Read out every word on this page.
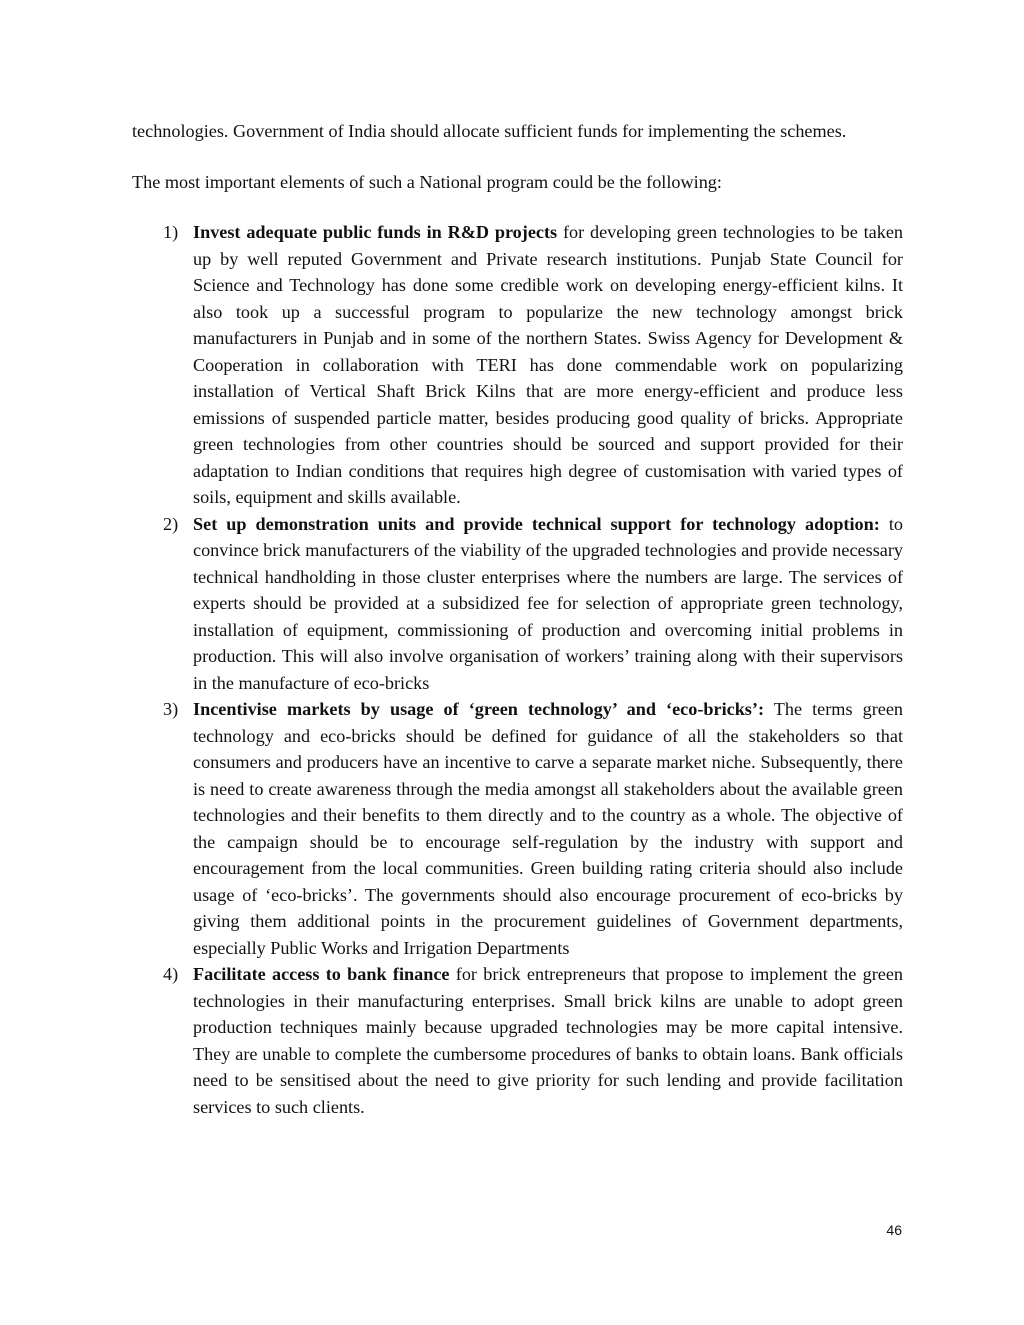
technologies. Government of India should allocate sufficient funds for implementing the schemes.

The most important elements of such a National program could be the following:

1) Invest adequate public funds in R&D projects for developing green technologies to be taken up by well reputed Government and Private research institutions. Punjab State Council for Science and Technology has done some credible work on developing energy-efficient kilns. It also took up a successful program to popularize the new technology amongst brick manufacturers in Punjab and in some of the northern States. Swiss Agency for Development & Cooperation in collaboration with TERI has done commendable work on popularizing installation of Vertical Shaft Brick Kilns that are more energy-efficient and produce less emissions of suspended particle matter, besides producing good quality of bricks. Appropriate green technologies from other countries should be sourced and support provided for their adaptation to Indian conditions that requires high degree of customisation with varied types of soils, equipment and skills available.
2) Set up demonstration units and provide technical support for technology adoption: to convince brick manufacturers of the viability of the upgraded technologies and provide necessary technical handholding in those cluster enterprises where the numbers are large. The services of experts should be provided at a subsidized fee for selection of appropriate green technology, installation of equipment, commissioning of production and overcoming initial problems in production. This will also involve organisation of workers’ training along with their supervisors in the manufacture of eco-bricks
3) Incentivise markets by usage of ‘green technology’ and ‘eco-bricks’: The terms green technology and eco-bricks should be defined for guidance of all the stakeholders so that consumers and producers have an incentive to carve a separate market niche. Subsequently, there is need to create awareness through the media amongst all stakeholders about the available green technologies and their benefits to them directly and to the country as a whole. The objective of the campaign should be to encourage self-regulation by the industry with support and encouragement from the local communities. Green building rating criteria should also include usage of ‘eco-bricks’. The governments should also encourage procurement of eco-bricks by giving them additional points in the procurement guidelines of Government departments, especially Public Works and Irrigation Departments
4) Facilitate access to bank finance for brick entrepreneurs that propose to implement the green technologies in their manufacturing enterprises. Small brick kilns are unable to adopt green production techniques mainly because upgraded technologies may be more capital intensive. They are unable to complete the cumbersome procedures of banks to obtain loans. Bank officials need to be sensitised about the need to give priority for such lending and provide facilitation services to such clients.
46
